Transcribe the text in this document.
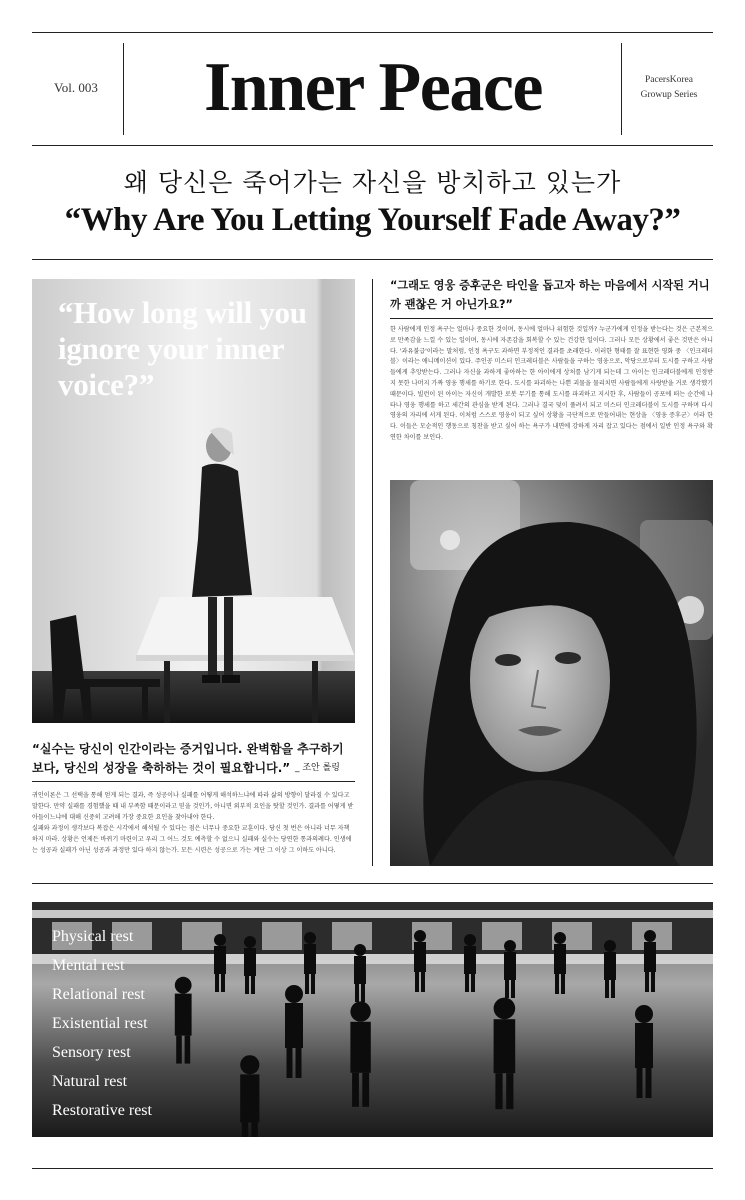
Vol. 003	Inner Peace	PacersKorea
Growup Series
왜 당신은 죽어가는 자신을 방치하고 있는가
“Why Are You Letting Yourself Fade Away?”
“How long will you ignore your inner voice?”
“실수는 당신이 인간이라는 증거입니다. 완벽함을 추구하기보다, 당신의 성장을 축하하는 것이 필요합니다.” _ 조안 롤링

귀인이론은 그 선택을 통해 얻게 되는 결과, 즉 성공이나 실패를 어떻게 해석하느냐에 따라 삶의 방향이 달라질 수 있다고 말한다. 만약 실패를 경험했을 때 내 부족함 때문이라고 믿을 것인가, 아니면 외부적 요인을 탓할 것인가. 결과를 어떻게 받아들이느냐에 대해 신중히 고려해 가장 중요한 요인을 찾아내야 한다.

실패와 과정이 생각보다 복잡은 시각에서 해석될 수 있다는 점은 너무나 중요한 교훈이다. 당신 첫 번은 아니라 너무 자책하지 마라. 상황은 언제든 바뀌기 마련이고 우리 그 어느 것도 예측할 수 없으니 실패와 실수는 당연한 통과의례다. 인생에는 성공과 실패가 아닌 성공과 과정만 있다 하지 않는가. 모든 시련은 성공으로 가는 계단 그 이상 그 이하도 아니다.

“그래도 영웅 증후군은 타인을 돕고자 하는 마음에서 시작된 거니까 괜찮은 거 아닌가요?”

한 사람에게 인정 욕구는 얼마나 중요한 것이며, 동시에 얼마나 위험한 것일까? 누군가에게 인정을 받는다는 것은 근본적으로 만족감을 느낄 수 있는 일이며, 동시에 자존감을 회복할 수 있는 건강한 일이다. 그러나 모든 상황에서 좋은 것만은 아니다. '과유불급'이라는 말처럼, 인정 욕구도 과하면 부정적인 결과를 초래한다. 이러한 형태를 잘 표현한 영화 중 〈인크레더블〉이라는 애니메이션이 있다. 주인공 미스터 인크레더블은 사람들을 구하는 영웅으로, 악당으로부터 도시를 구하고 사람들에게 추앙받는다. 그러나 자신을 과하게 좋아하는 한 아이에게 상처를 남기게 되는데 그 아이는 인크레더블에게 인정받지 못한 나머지 가짜 영웅 행세를 하기로 한다. 도시를 파괴하는 나쁜 괴물을 물리치면 사람들에게 사랑받을 거로 생각했기 때문이다. 빌런이 된 아이는 자신이 개발한 로봇 무기를 통해 도시를 파괴하고 지시한 후, 사람들이 공포에 떠는 순간에 나타나 영웅 행세를 하고 세간의 관심을 받게 된다. 그러나 결국 덫이 풀려서 되고 미스터 인크레더블이 도시를 구하며 다시 영웅의 자리에 서게 된다. 이처럼 스스로 영웅이 되고 싶어 상황을 극단적으로 만들어내는 현상을 〈영웅 증후군〉이라 한다. 이들은 모순적인 행동으로 칭찬을 받고 싶어 하는 욕구가 내면에 강하게 자리 잡고 있다는 점에서 일반 인정 욕구와 확연한 차이를 보인다.

Physical rest
Mental rest
Relational rest
Existential rest
Sensory rest
Natural rest
Restorative rest
